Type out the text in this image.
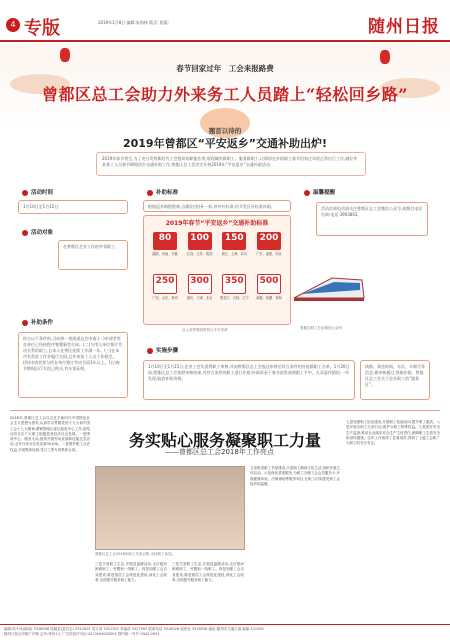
4 专版	2019年1月8日 编辑:朱海林 版式: 组版:	随州日报
春节回家过年　工会来报路费
曾都区总工会助力外来务工人员踏上“轻松回乡路”
翘首以待的
2019年曾都区“平安返乡”交通补助出炉!
2019年春节将至,为了充分发挥新时代工会组织的职能作用,展现城市新职工、服务新职工,让滞留在外的职工春节回家过年的正常出行工作,做好外来务工人员春节期间回乡交通补助工作,曾都区总工会决定开展2019年“平安返乡”交通补助活动。
活动时间
1月10日至1月15日
活动对象
在曾都区企业工作的外省职工。
补助标准
根据返乡路程距离,自湖北(省)补一标,省外补标准,经开发区补标准补助。
2019年春节“平安返乡”交通补助标准
80
湖南、河南、安徽
100
江西、江苏、陕西
150
浙江、上海、四川
200
广东、福建、河北
250
广西、山东、贵州
300
重庆、天津、北京
350
黑龙江、吉林、辽宁
500
新疆、西藏、青海
温馨提醒
活动咨询电话请关注曾都区总工会微信公众号,或拨打电话咨询:电话 3903863。
曾都区职工总会微信公众号
以上条件需同时符合才可申请
补助条件
符合以下条件的,可向曾一类街道总会申请:(一)申请者所在单位已经按程序签署新型合同。(二)与用人单位签订劳动关系的职工,且本人在曾区连续工作满一年。(三)在本市有常驻工作并履行合同,且外来务工人员工作稳定。(四)申请者须与所在单位签订劳动合同1年以上。(五)春节期间出行车次已购买,有车票证明。
实施步骤
1月10日至1月15日,企业工会负责将职工审核,并向曾都区总工会报送审核后符合条件的外省籍职工名单。1月20日前,曾都区总工会按照审核结果,对符合条件的职工进行补助;补助资金于春节前发放到职工手中。凡弄虚作假的,一经发现,取消补助资格。
线路、乘坐时间、车次、车厢号等信息,被审核通过,领取补助。曾都区总工会关于企业职工的“服务区”。
务实贴心服务凝聚职工力量
——曾都区总工会2018年工作亮点
2018年,曾都区总工会以习近平新时代中国特色社会主义思想为指导,认真学习贯彻党的十九大和中国工会十七大精神,紧紧围绕区委区政府中心工作,团结动员全区广大职工积极投身经济社会发展。一是围绕中心、服务大局,组织开展劳动竞赛和技能比武活动,全年共举办各类竞赛30余场。二是维护职工合法权益,开展集体协商,签订工资专项集体合同。
曾都区总工会2018年职工代表合影,全体职工参加。
三是关爱职工生活,开展送温暖活动,走访慰问困难职工、劳模和一线职工。四是加强工会自身建设,推进基层工会规范化建设,深化工会改革,全面提升服务职工能力。
三是关爱职工生活,开展送温暖活动,走访慰问困难职工、劳模和一线职工。四是加强工会自身建设,推进基层工会规范化建设,深化工会改革,全面提升服务职工能力。
五是推进职工书屋建设,丰富职工精神文化生活,组织开展文体活动。六是深化普惠服务,为职工办理工会会员服务卡,开展健康体检、法律援助等服务项目,让职工切实感受到工会组织的温暖。
七是加强职工队伍建设,开展职工技能培训,提升职工素质。八是开展女职工关爱行动,维护女职工特殊权益。九是抓好安全生产监督,推动企业落实安全生产主体责任,保障职工生命安全和身体健康。全年工作取得了显著成效,得到了上级工会和广大职工的充分肯定。
编辑:郭小凤(新闻) 3318096 选稿室(委员会) 3312001 发行部 3321301 采编部 3327903 联系电话 3319026 值班室 3318036 地址:随州市交通大道 邮编 441300
随州日报社印刷厂印刷 定价:每份1元 广告经营许可证:4213004000001 国内统一刊号 CN42-0051
